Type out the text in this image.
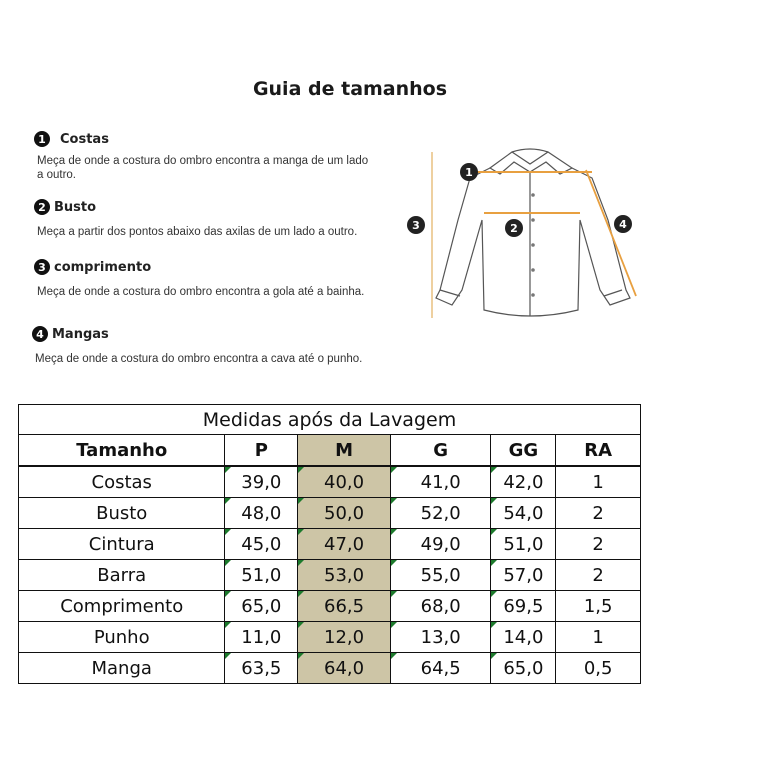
Guia de tamanhos
1	Costas
Meça de onde a costura do ombro encontra a manga de um lado a outro.
2 Busto
Meça a partir dos pontos abaixo das axilas de um lado a outro.
3 comprimento
Meça de onde a costura do ombro encontra a gola até a bainha.
4 Mangas
Meça de onde a costura do ombro encontra a cava até o punho.
1
2
3	4
Medidas após da Lavagem					
Tamanho	P	M	G	GG	RA
Costas	39,0	40,0	41,0	42,0	1
Busto	48,0	50,0	52,0	54,0	2
Cintura	45,0	47,0	49,0	51,0	2
Barra	51,0	53,0	55,0	57,0	2
Comprimento	65,0	66,5	68,0	69,5	1,5
Punho	11,0	12,0	13,0	14,0	1
Manga	63,5	64,0	64,5	65,0	0,5
